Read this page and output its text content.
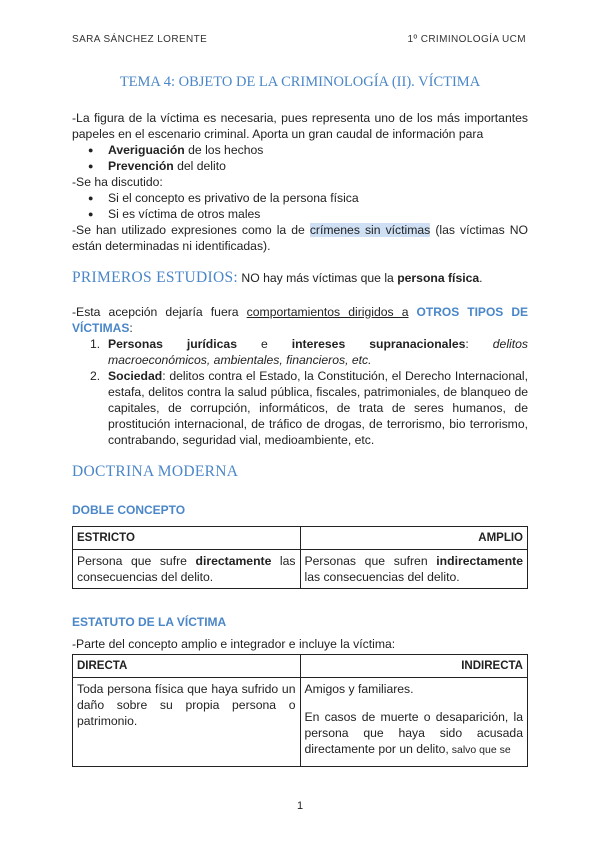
SARA SÁNCHEZ LORENTE	1º CRIMINOLOGÍA UCM
TEMA 4: OBJETO DE LA CRIMINOLOGÍA (II). VÍCTIMA
-La figura de la víctima es necesaria, pues representa uno de los más importantes papeles en el escenario criminal. Aporta un gran caudal de información para
● Averiguación de los hechos
● Prevención del delito
-Se ha discutido:
● Si el concepto es privativo de la persona física
● Si es víctima de otros males
-Se han utilizado expresiones como la de crímenes sin víctimas (las víctimas NO están determinadas ni identificadas).
PRIMEROS ESTUDIOS: NO hay más víctimas que la persona física.
-Esta acepción dejaría fuera comportamientos dirigidos a OTROS TIPOS DE VÍCTIMAS:
1. Personas jurídicas e intereses supranacionales: delitos macroeconómicos, ambientales, financieros, etc.
2. Sociedad: delitos contra el Estado, la Constitución, el Derecho Internacional, estafa, delitos contra la salud pública, fiscales, patrimoniales, de blanqueo de capitales, de corrupción, informáticos, de trata de seres humanos, de prostitución internacional, de tráfico de drogas, de terrorismo, bio terrorismo, contrabando, seguridad vial, medioambiente, etc.
DOCTRINA MODERNA
DOBLE CONCEPTO
ESTRICTO	AMPLIO
Persona que sufre directamente las consecuencias del delito.	Personas que sufren indirectamente las consecuencias del delito.
ESTATUTO DE LA VÍCTIMA
-Parte del concepto amplio e integrador e incluye la víctima:
DIRECTA	INDIRECTA
Toda persona física que haya sufrido un daño sobre su propia persona o patrimonio.	Amigos y familiares.
En casos de muerte o desaparición, la persona que haya sido acusada directamente por un delito, salvo que se
1
